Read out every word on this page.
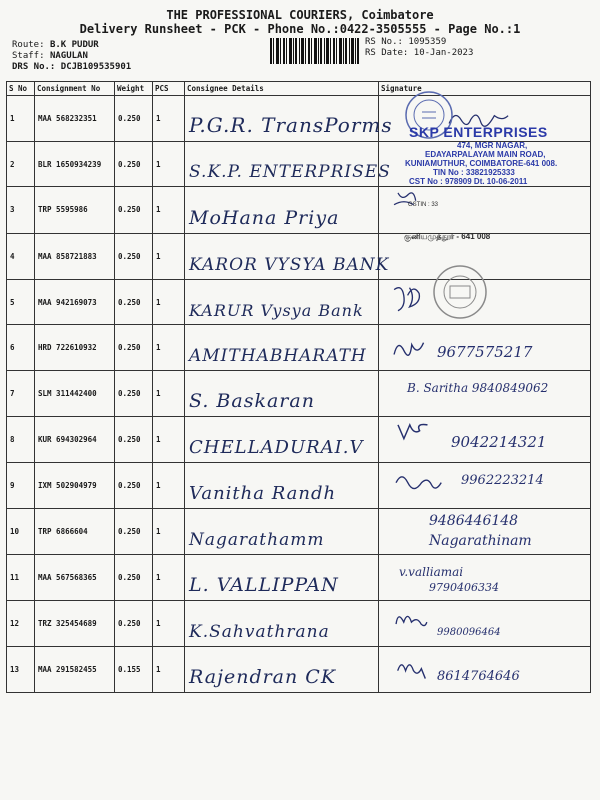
THE PROFESSIONAL COURIERS, Coimbatore
Delivery Runsheet - PCK - Phone No.:0422-3505555 - Page No.:1
Route: B.K PUDUR
Staff: NAGULAN
DRS No.: DCJB109535901
RS No.: 1095359
RS Date: 10-Jan-2023
S No	Consignment No	Weight	PCS	Consignee Details	Signature
1	MAA 568232351	0.250	1	P.G.R. TransPorms

2	BLR 1650934239	0.250	1	S.K.P. ENTERPRISES	

3	TRP 5595986	0.250	1	MoHana Priya

4	MAA 858721883	0.250	1	KAROR VYSYA BANK	

5	MAA 942169073	0.250	1	KARUR Vysya Bank

6	HRD 722610932	0.250	1	AMITHABHARATH	9677575217

7	SLM 311442400	0.250	1	S. Baskaran	B. Saritha 9840849062

8	KUR 694302964	0.250	1	CHELLADURAI.V	9042214321

9	IXM 502904979	0.250	1	Vanitha Randh	9962223214

10	TRP 6866604	0.250	1	Nagarathamm	9486446148
Nagarathinam

11	MAA 567568365	0.250	1	L. VALLIPPAN	v.valliamai
9790406334

12	TRZ 325454689	0.250	1	K.Sahvathrana	9980096464

13	MAA 291582455	0.155	1	Rajendran CK	8614764646
SKP ENTERPRISES
474, MGR NAGAR,
EDAYARPALAYAM MAIN ROAD,
KUNIAMUTHUR, COIMBATORE-641 008.
TIN No : 33821925333
CST No : 978909 Dt. 10-06-2011
GSTIN : 33
குனியமுத்தூர் - 641 008
